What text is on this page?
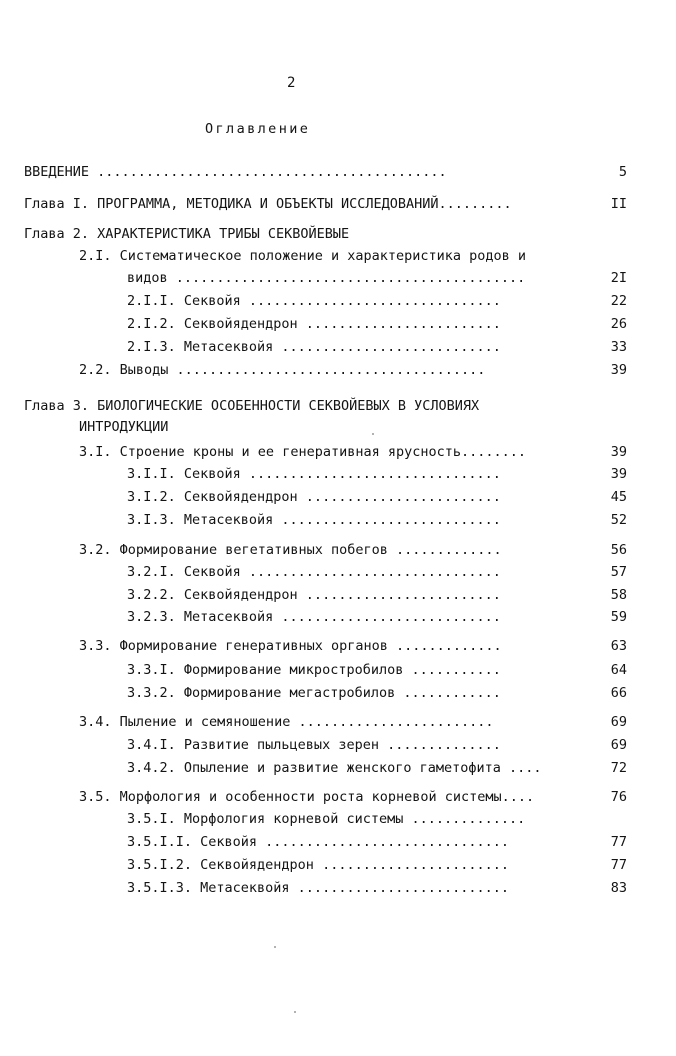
2
Оглавление
ВВЕДЕНИЕ ...........................................	5
Глава I. ПРОГРАММА, МЕТОДИКА И ОБЪЕКТЫ ИССЛЕДОВАНИЙ.........	II
Глава 2. ХАРАКТЕРИСТИКА ТРИБЫ СЕКВОЙЕВЫЕ
2.I. Систематическое положение и характеристика родов и
видов ...........................................	2I
2.I.I. Секвойя ...............................	22
2.I.2. Секвойядендрон ........................	26
2.I.3. Метасеквойя ...........................	33
2.2. Выводы ......................................	39
Глава 3. БИОЛОГИЧЕСКИЕ ОСОБЕННОСТИ СЕКВОЙЕВЫХ В УСЛОВИЯХ
ИНТРОДУКЦИИ
3.I. Строение кроны и ее генеративная ярусность........	39
3.I.I. Секвойя ...............................	39
3.I.2. Секвойядендрон ........................	45
3.I.3. Метасеквойя ...........................	52
3.2. Формирование вегетативных побегов .............	56
3.2.I. Секвойя ...............................	57
3.2.2. Секвойядендрон ........................	58
3.2.3. Метасеквойя ...........................	59
3.3. Формирование генеративных органов .............	63
3.3.I. Формирование микростробилов ...........	64
3.3.2. Формирование мегастробилов ............	66
3.4. Пыление и семяношение ........................	69
3.4.I. Развитие пыльцевых зерен ..............	69
3.4.2. Опыление и развитие женского гаметофита ....	72
3.5. Морфология и особенности роста корневой системы....	76
3.5.I. Морфология корневой системы ..............
3.5.I.I. Секвойя ..............................	77
3.5.I.2. Секвойядендрон .......................	77
3.5.I.3. Метасеквойя ..........................	83
